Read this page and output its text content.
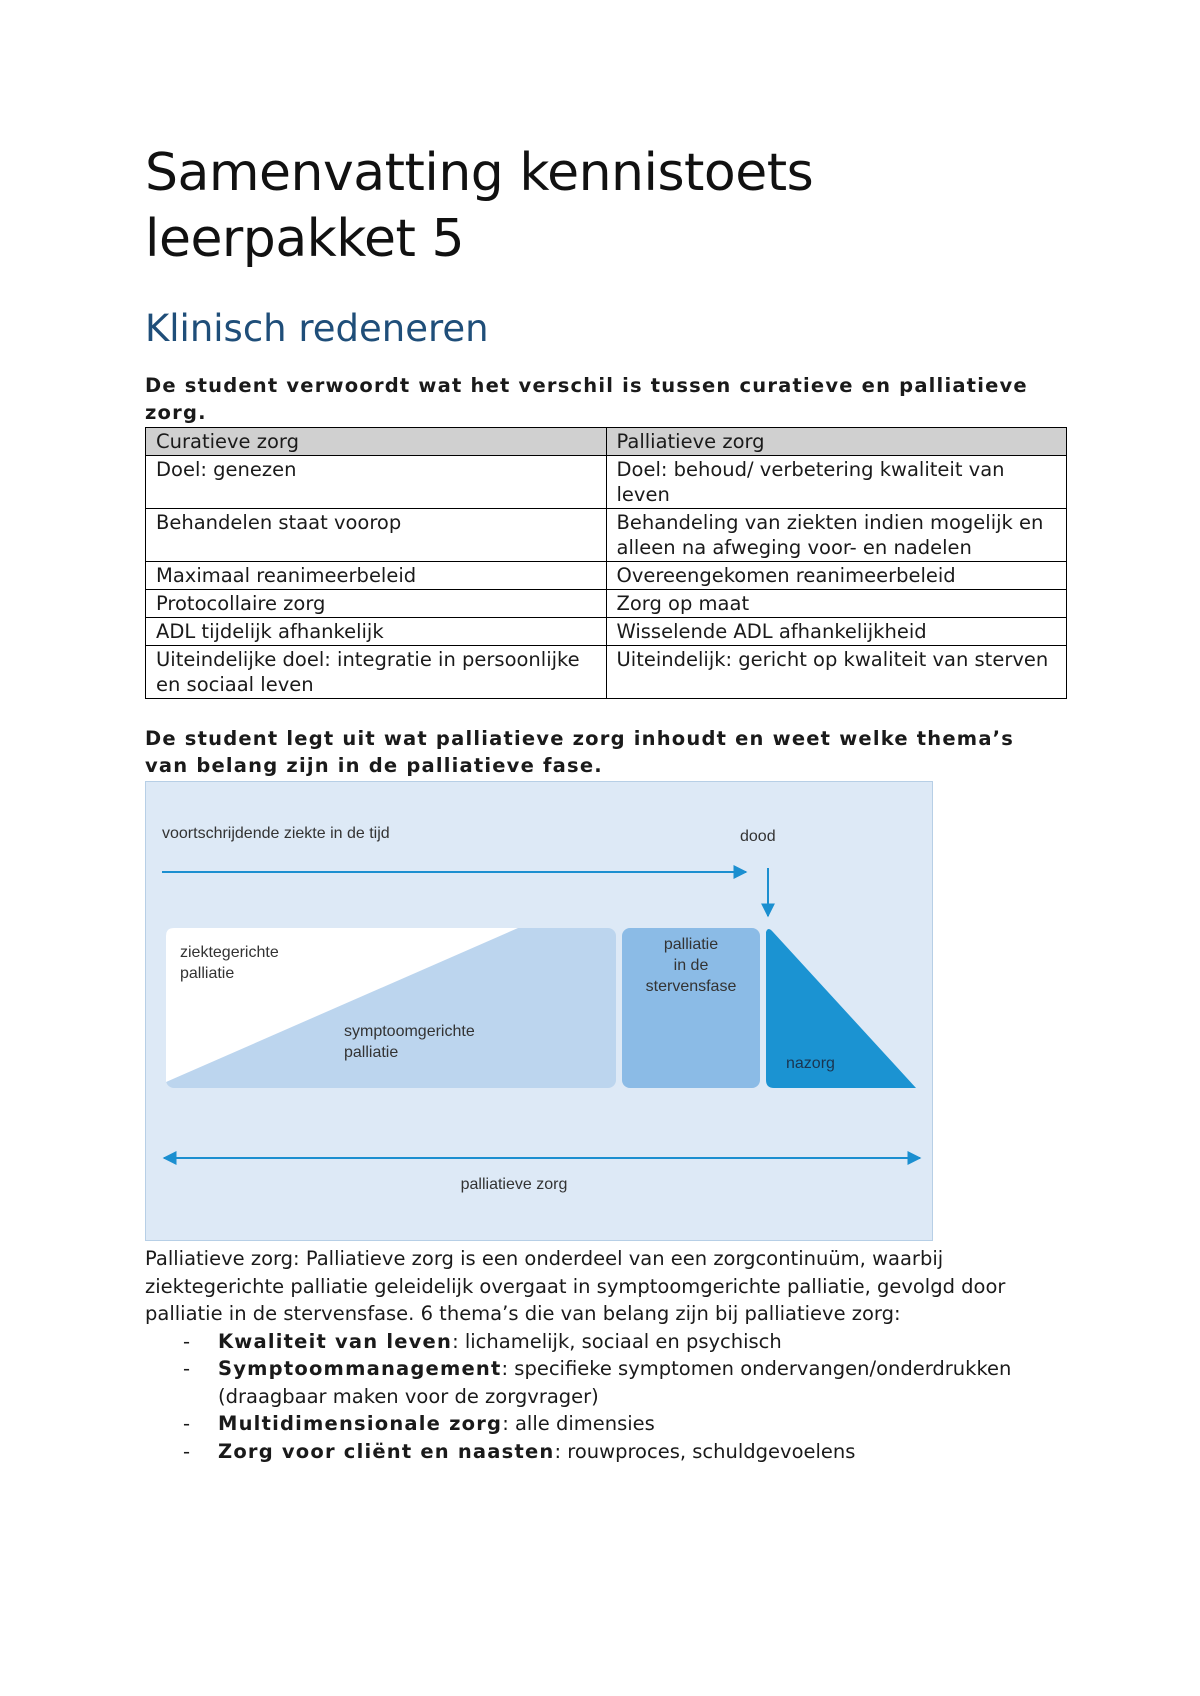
Samenvatting kennistoets leerpakket 5
Klinisch redeneren

De student verwoordt wat het verschil is tussen curatieve en palliatieve zorg.

Curatieve zorg	Palliatieve zorg
Doel: genezen	Doel: behoud/ verbetering kwaliteit van leven
Behandelen staat voorop	Behandeling van ziekten indien mogelijk en alleen na afweging voor- en nadelen
Maximaal reanimeerbeleid	Overeengekomen reanimeerbeleid
Protocollaire zorg	Zorg op maat
ADL tijdelijk afhankelijk	Wisselende ADL afhankelijkheid
Uiteindelijke doel: integratie in persoonlijke en sociaal leven	Uiteindelijk: gericht op kwaliteit van sterven

De student legt uit wat palliatieve zorg inhoudt en weet welke thema’s van belang zijn in de palliatieve fase.

voortschrijdende ziekte in de tijd	dood
ziektegerichte
palliatie
symptoomgerichte
palliatie
palliatie
in de
stervensfase
nazorg
palliatieve zorg

Palliatieve zorg: Palliatieve zorg is een onderdeel van een zorgcontinuüm, waarbij ziektegerichte palliatie geleidelijk overgaat in symptoomgerichte palliatie, gevolgd door palliatie in de stervensfase. 6 thema’s die van belang zijn bij palliatieve zorg:

- Kwaliteit van leven: lichamelijk, sociaal en psychisch
- Symptoommanagement: specifieke symptomen ondervangen/onderdrukken (draagbaar maken voor de zorgvrager)
- Multidimensionale zorg: alle dimensies
- Zorg voor cliënt en naasten: rouwproces, schuldgevoelens
